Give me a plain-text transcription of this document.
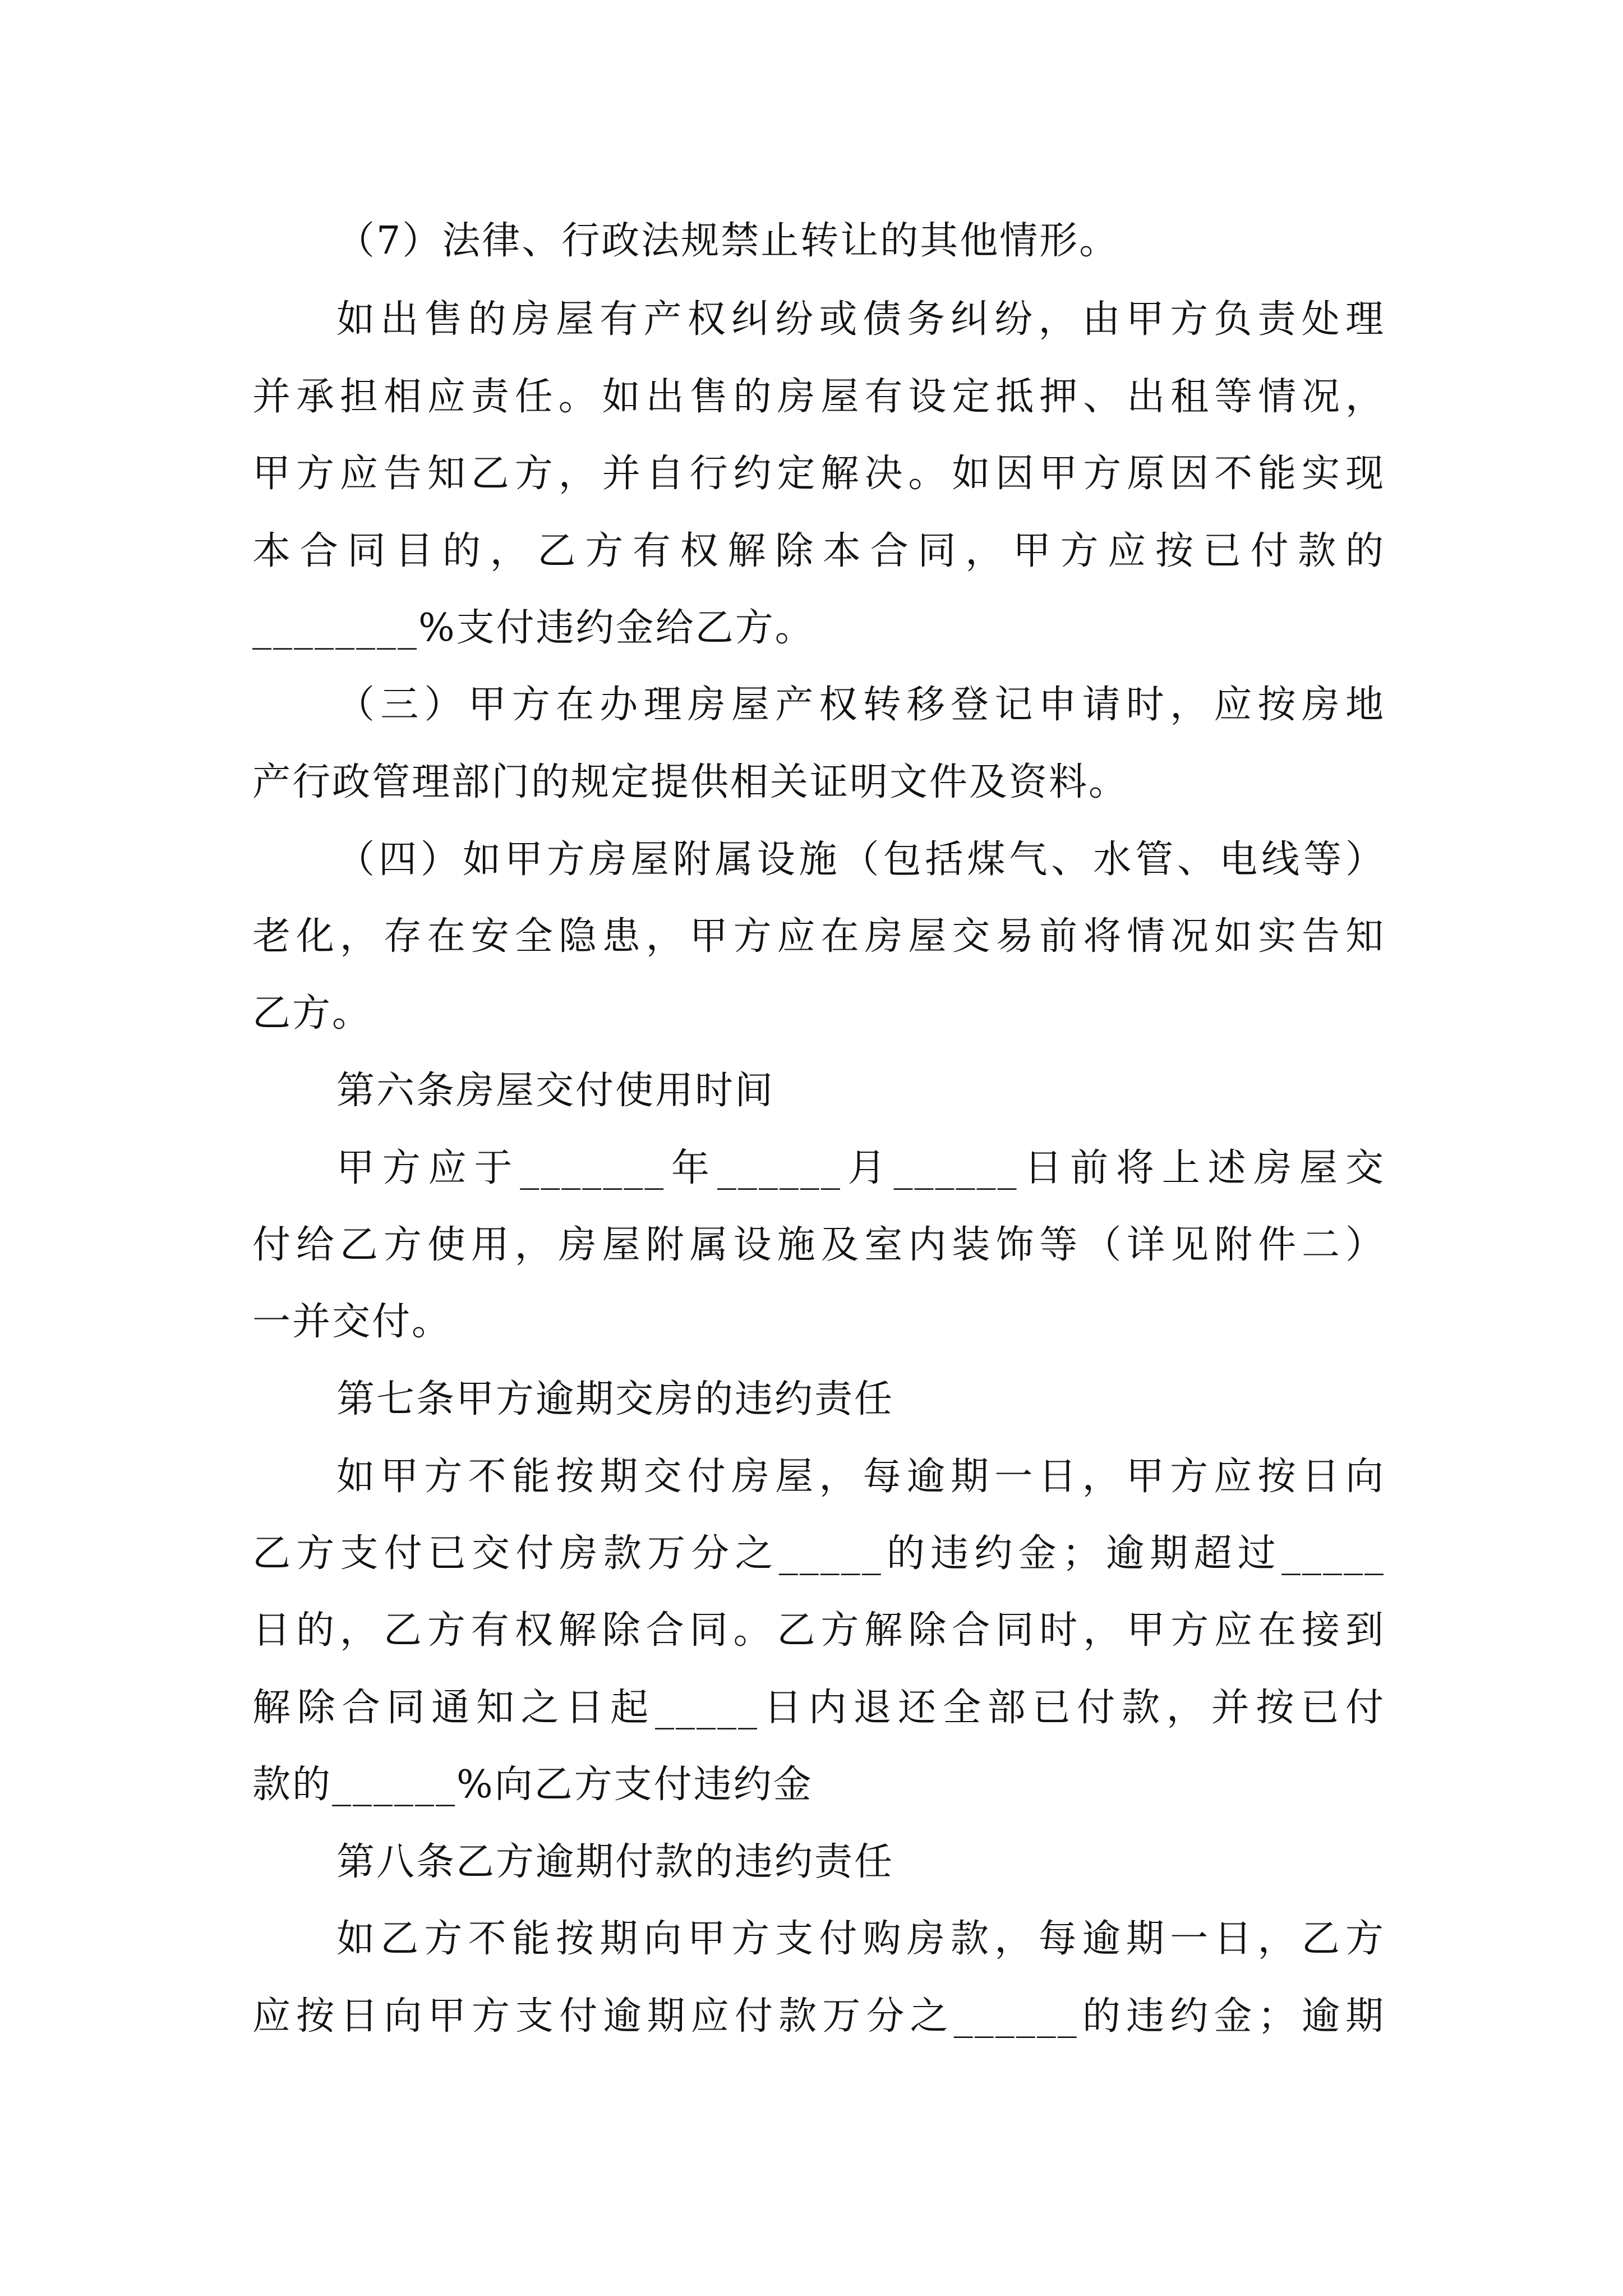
（7）法律、行政法规禁止转让的其他情形。
如出售的房屋有产权纠纷或债务纠纷，由甲方负责处理
并承担相应责任。如出售的房屋有设定抵押、出租等情况，
甲方应告知乙方，并自行约定解决。如因甲方原因不能实现
本合同目的，乙方有权解除本合同，甲方应按已付款的
________%支付违约金给乙方。
（三）甲方在办理房屋产权转移登记申请时，应按房地
产行政管理部门的规定提供相关证明文件及资料。
（四）如甲方房屋附属设施（包括煤气、水管、电线等）
老化，存在安全隐患，甲方应在房屋交易前将情况如实告知
乙方。
第六条房屋交付使用时间
甲方应于_______年______月______日前将上述房屋交
付给乙方使用，房屋附属设施及室内装饰等（详见附件二）
一并交付。
第七条甲方逾期交房的违约责任
如甲方不能按期交付房屋，每逾期一日，甲方应按日向
乙方支付已交付房款万分之_____的违约金；逾期超过_____
日的，乙方有权解除合同。乙方解除合同时，甲方应在接到
解除合同通知之日起_____日内退还全部已付款，并按已付
款的______%向乙方支付违约金
第八条乙方逾期付款的违约责任
如乙方不能按期向甲方支付购房款，每逾期一日，乙方
应按日向甲方支付逾期应付款万分之______的违约金；逾期
